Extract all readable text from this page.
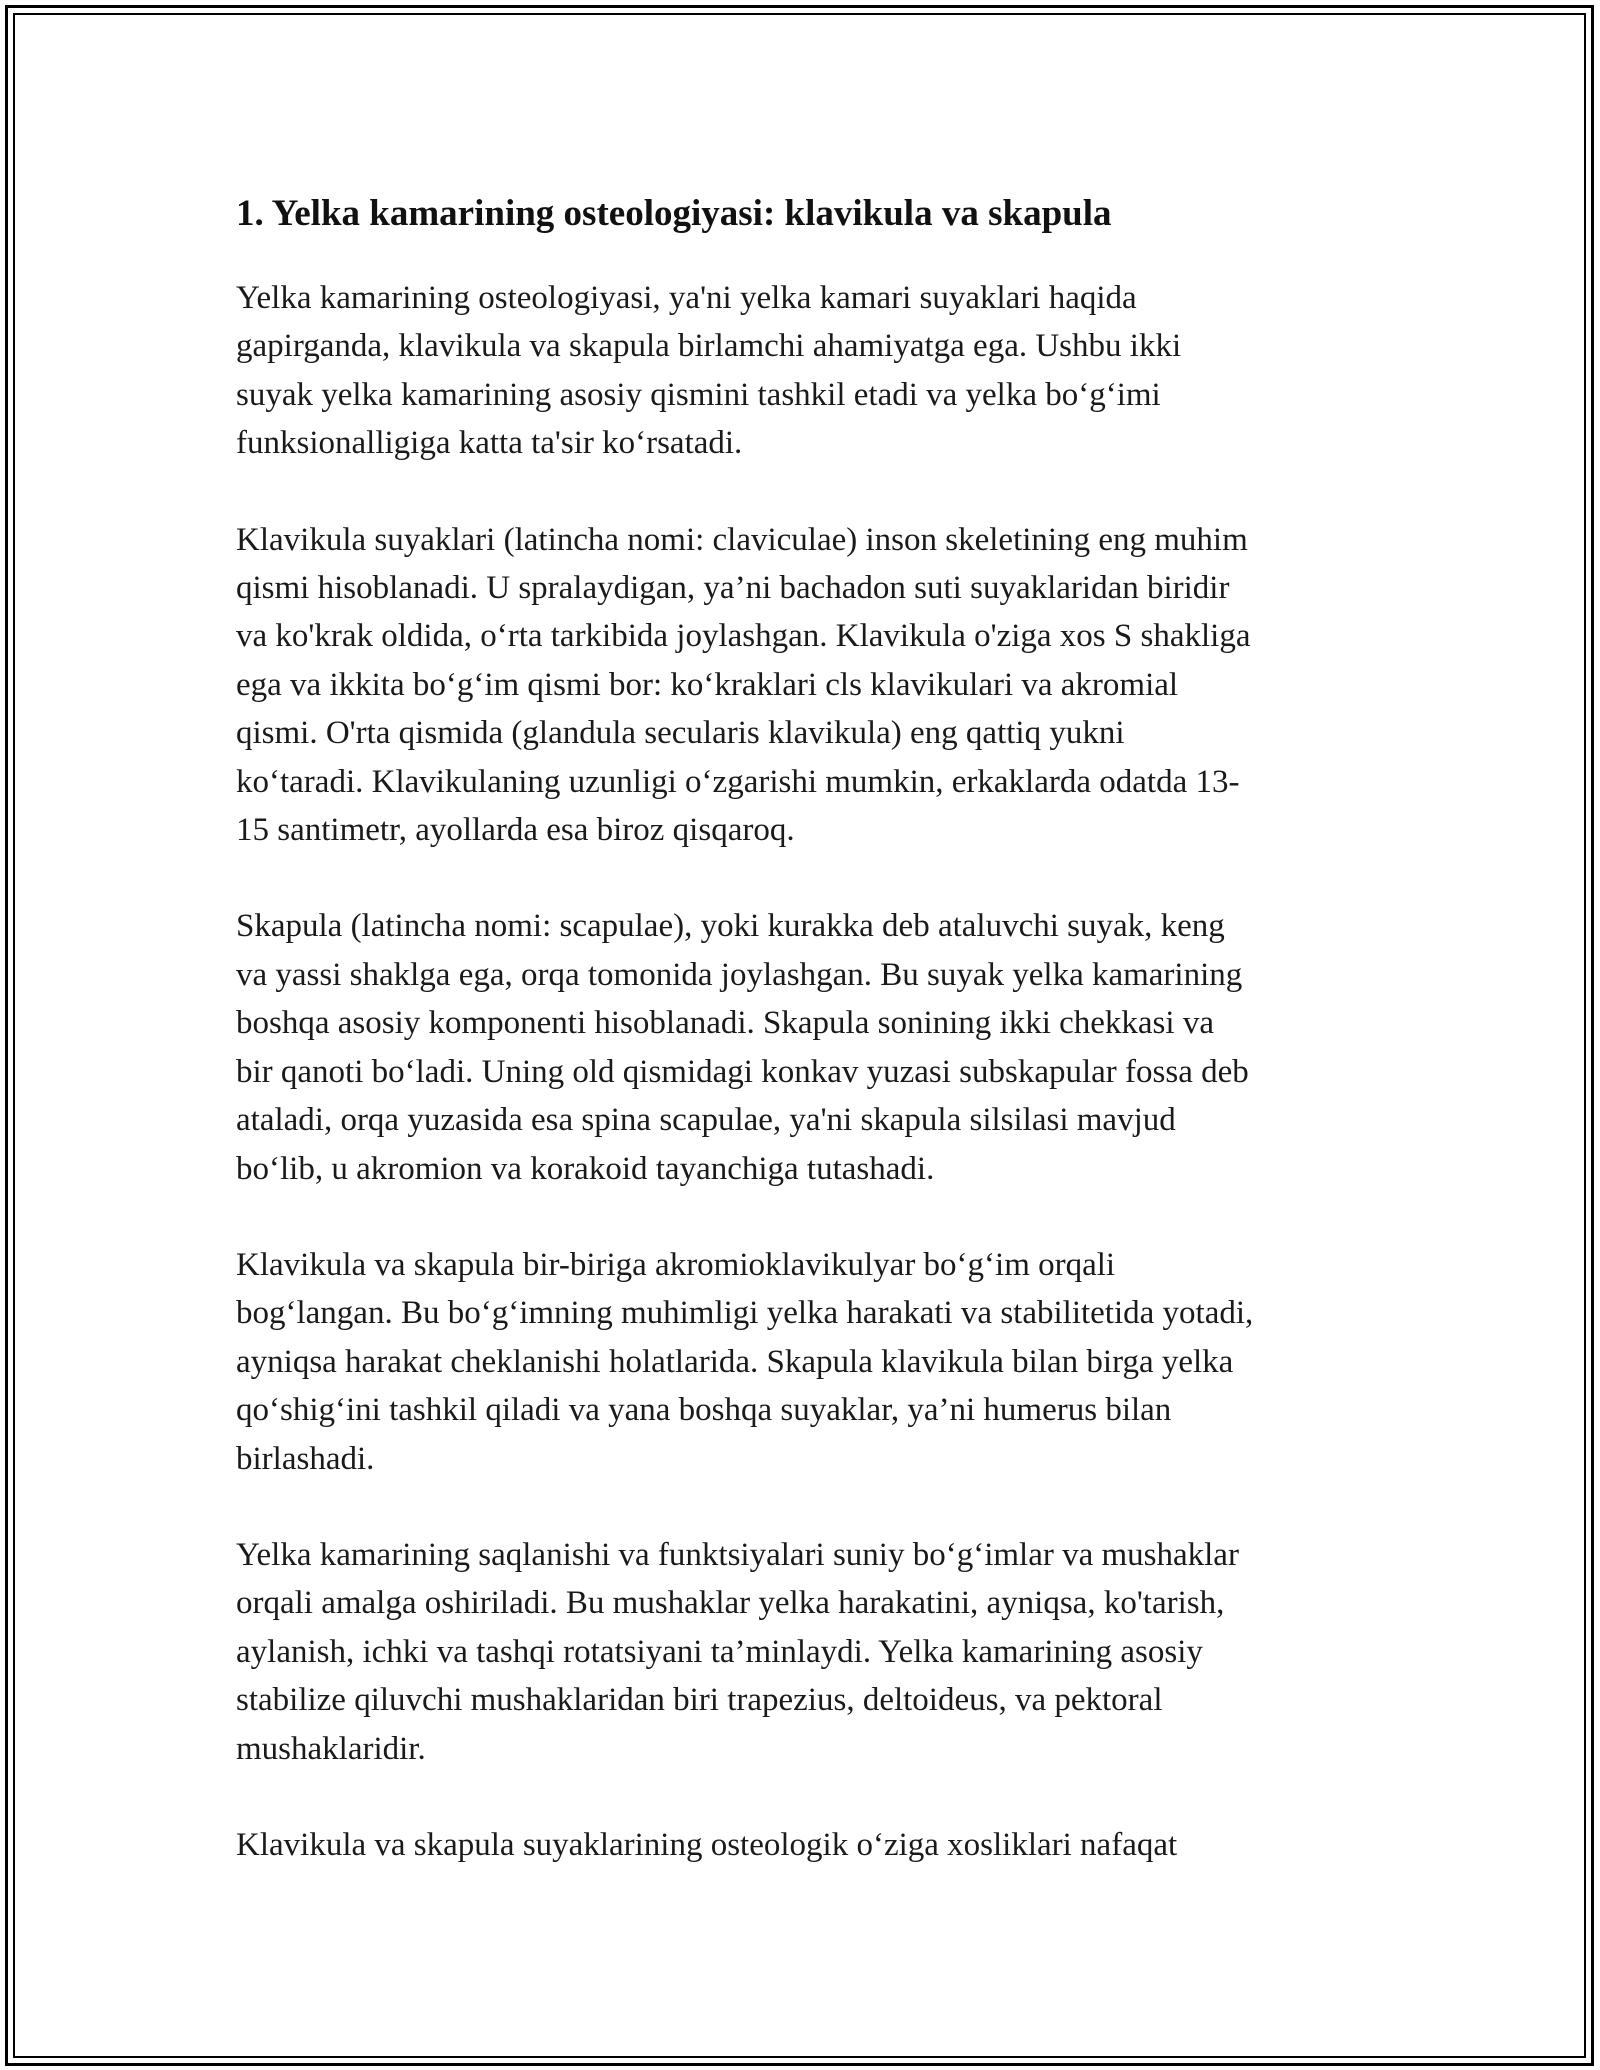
1. Yelka kamarining osteologiyasi: klavikula va skapula
Yelka kamarining osteologiyasi, ya'ni yelka kamari suyaklari haqida
gapirganda, klavikula va skapula birlamchi ahamiyatga ega. Ushbu ikki
suyak yelka kamarining asosiy qismini tashkil etadi va yelka bo‘g‘imi
funksionalligiga katta ta'sir ko‘rsatadi.
Klavikula suyaklari (latincha nomi: claviculae) inson skeletining eng muhim
qismi hisoblanadi. U spralaydigan, ya’ni bachadon suti suyaklaridan biridir
va ko'krak oldida, o‘rta tarkibida joylashgan. Klavikula o'ziga xos S shakliga
ega va ikkita bo‘g‘im qismi bor: ko‘kraklari cls klavikulari va akromial
qismi. O'rta qismida (glandula secularis klavikula) eng qattiq yukni
ko‘taradi. Klavikulaning uzunligi o‘zgarishi mumkin, erkaklarda odatda 13-
15 santimetr, ayollarda esa biroz qisqaroq.
Skapula (latincha nomi: scapulae), yoki kurakka deb ataluvchi suyak, keng
va yassi shaklga ega, orqa tomonida joylashgan. Bu suyak yelka kamarining
boshqa asosiy komponenti hisoblanadi. Skapula sonining ikki chekkasi va
bir qanoti bo‘ladi. Uning old qismidagi konkav yuzasi subskapular fossa deb
ataladi, orqa yuzasida esa spina scapulae, ya'ni skapula silsilasi mavjud
bo‘lib, u akromion va korakoid tayanchiga tutashadi.
Klavikula va skapula bir-biriga akromioklavikulyar bo‘g‘im orqali
bog‘langan. Bu bo‘g‘imning muhimligi yelka harakati va stabilitetida yotadi,
ayniqsa harakat cheklanishi holatlarida. Skapula klavikula bilan birga yelka
qo‘shig‘ini tashkil qiladi va yana boshqa suyaklar, ya’ni humerus bilan
birlashadi.
Yelka kamarining saqlanishi va funktsiyalari suniy bo‘g‘imlar va mushaklar
orqali amalga oshiriladi. Bu mushaklar yelka harakatini, ayniqsa, ko'tarish,
aylanish, ichki va tashqi rotatsiyani ta’minlaydi. Yelka kamarining asosiy
stabilize qiluvchi mushaklaridan biri trapezius, deltoideus, va pektoral
mushaklaridir.
Klavikula va skapula suyaklarining osteologik o‘ziga xosliklari nafaqat
